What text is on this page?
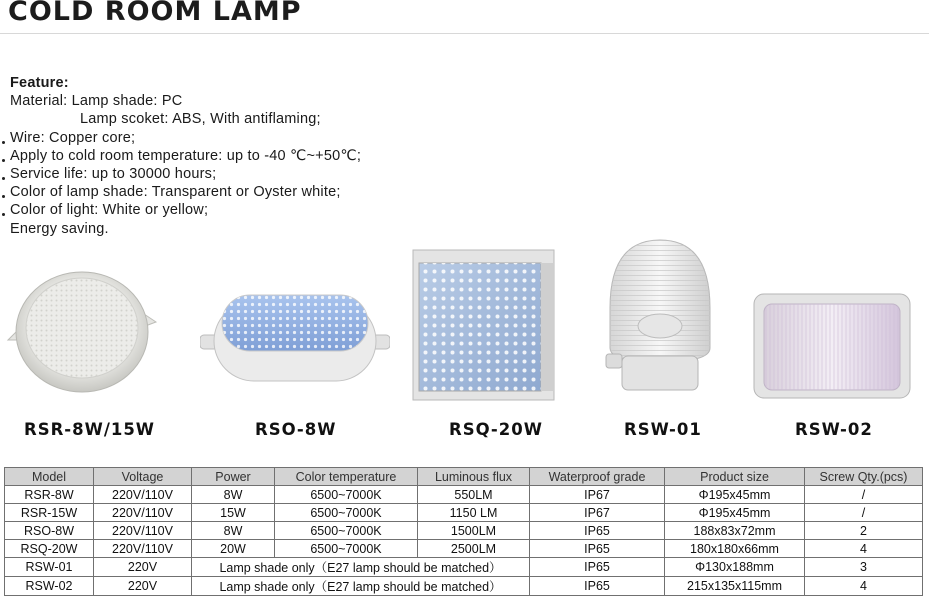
COLD ROOM LAMP
Feature:
Material: Lamp shade: PC
Lamp scoket: ABS, With antiflaming;
Wire: Copper core;
Apply to cold room temperature: up to -40 ℃~+50℃;
Service life: up to 30000 hours;
Color of lamp shade: Transparent or Oyster white;
Color of light: White or yellow;
Energy saving.
RSR-8W/15W	RSO-8W	RSQ-20W	RSW-01	RSW-02
Model	Voltage	Power	Color temperature	Luminous flux	Waterproof grade	Product size	Screw Qty.(pcs)
RSR-8W	220V/110V	8W	6500~7000K	550LM	IP67	Φ195x45mm	/
RSR-15W	220V/110V	15W	6500~7000K	1150 LM	IP67	Φ195x45mm	/
RSO-8W	220V/110V	8W	6500~7000K	1500LM	IP65	188x83x72mm	2
RSQ-20W	220V/110V	20W	6500~7000K	2500LM	IP65	180x180x66mm	4
RSW-01	220V	Lamp shade only（E27 lamp should be matched）			IP65	Φ130x188mm	3
RSW-02	220V	Lamp shade only（E27 lamp should be matched）			IP65	215x135x115mm	4
